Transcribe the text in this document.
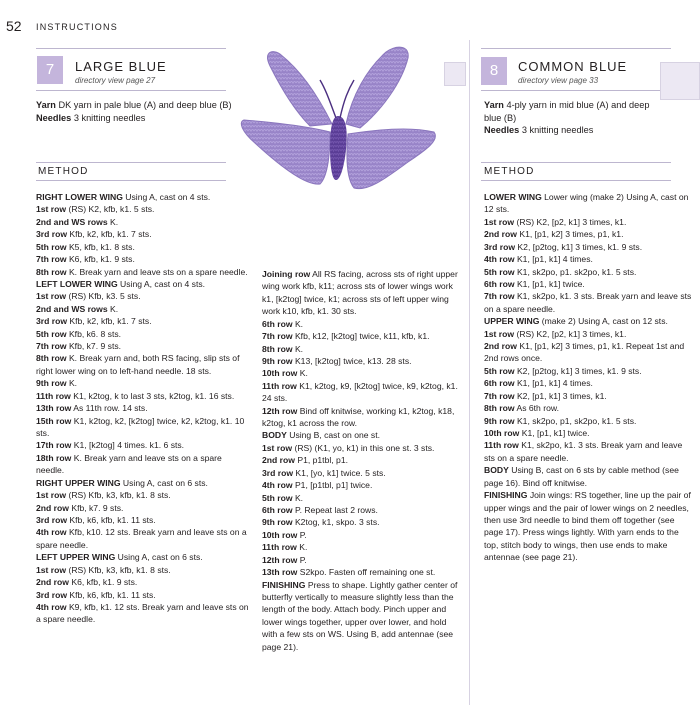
52 INSTRUCTIONS
7	LARGE BLUE
directory view page 27
Yarn DK yarn in pale blue (A) and deep blue (B)
Needles 3 knitting needles
METHOD
8	COMMON BLUE
directory view page 33
Yarn 4-ply yarn in mid blue (A) and deep blue (B)
Needles 3 knitting needles
METHOD

RIGHT LOWER WING Using A, cast on 4 sts.

1st row (RS) K2, kfb, k1. 5 sts.

2nd and WS rows K.

3rd row Kfb, k2, kfb, k1. 7 sts.

5th row K5, kfb, k1. 8 sts.

7th row K6, kfb, k1. 9 sts.

8th row K. Break yarn and leave sts on a spare needle.

LEFT LOWER WING Using A, cast on 4 sts.

1st row (RS) Kfb, k3. 5 sts.

2nd and WS rows K.

3rd row Kfb, k2, kfb, k1. 7 sts.

5th row Kfb, k6. 8 sts.

7th row Kfb, k7. 9 sts.

8th row K. Break yarn and, both RS facing, slip sts of right lower wing on to left-hand needle. 18 sts.

9th row K.

11th row K1, k2tog, k to last 3 sts, k2tog, k1. 16 sts.

13th row As 11th row. 14 sts.

15th row K1, k2tog, k2, [k2tog] twice, k2, k2tog, k1. 10 sts.

17th row K1, [k2tog] 4 times. k1. 6 sts.

18th row K. Break yarn and leave sts on a spare needle.

RIGHT UPPER WING Using A, cast on 6 sts.

1st row (RS) Kfb, k3, kfb, k1. 8 sts.

2nd row Kfb, k7. 9 sts.

3rd row Kfb, k6, kfb, k1. 11 sts.

4th row Kfb, k10. 12 sts. Break yarn and leave sts on a spare needle.

LEFT UPPER WING Using A, cast on 6 sts.

1st row (RS) Kfb, k3, kfb, k1. 8 sts.

2nd row K6, kfb, k1. 9 sts.

3rd row Kfb, k6, kfb, k1. 11 sts.

4th row K9, kfb, k1. 12 sts. Break yarn and leave sts on a spare needle.

Joining row All RS facing, across sts of right upper wing work kfb, k11; across sts of lower wings work k1, [k2tog] twice, k1; across sts of left upper wing work k10, kfb, k1. 30 sts.

6th row K.

7th row Kfb, k12, [k2tog] twice, k11, kfb, k1.

8th row K.

9th row K13, [k2tog] twice, k13. 28 sts.

10th row K.

11th row K1, k2tog, k9, [k2tog] twice, k9, k2tog, k1. 24 sts.

12th row Bind off knitwise, working k1, k2tog, k18, k2tog, k1 across the row.

BODY Using B, cast on one st.

1st row (RS) (K1, yo, k1) in this one st. 3 sts.

2nd row P1, p1tbl, p1.

3rd row K1, [yo, k1] twice. 5 sts.

4th row P1, [p1tbl, p1] twice.

5th row K.

6th row P. Repeat last 2 rows.

9th row K2tog, k1, skpo. 3 sts.

10th row P.

11th row K.

12th row P.

13th row S2kpo. Fasten off remaining one st.

FINISHING Press to shape. Lightly gather center of butterfly vertically to measure slightly less than the length of the body. Attach body. Pinch upper and lower wings together, upper over lower, and hold with a few sts on WS. Using B, add antennae (see page 21).

LOWER WING Lower wing (make 2) Using A, cast on 12 sts.

1st row (RS) K2, [p2, k1] 3 times, k1.

2nd row K1, [p1, k2] 3 times, p1, k1.

3rd row K2, [p2tog, k1] 3 times, k1. 9 sts.

4th row K1, [p1, k1] 4 times.

5th row K1, sk2po, p1. sk2po, k1. 5 sts.

6th row K1, [p1, k1] twice.

7th row K1, sk2po, k1. 3 sts. Break yarn and leave sts on a spare needle.

UPPER WING (make 2) Using A, cast on 12 sts.

1st row (RS) K2, [p2, k1] 3 times, k1.

2nd row K1, [p1, k2] 3 times, p1, k1. Repeat 1st and 2nd rows once.

5th row K2, [p2tog, k1] 3 times, k1. 9 sts.

6th row K1, [p1, k1] 4 times.

7th row K2, [p1, k1] 3 times, k1.

8th row As 6th row.

9th row K1, sk2po, p1, sk2po, k1. 5 sts.

10th row K1, [p1, k1] twice.

11th row K1, sk2po, k1. 3 sts. Break yarn and leave sts on a spare needle.

BODY Using B, cast on 6 sts by cable method (see page 16). Bind off knitwise.

FINISHING Join wings: RS together, line up the pair of upper wings and the pair of lower wings on 2 needles, then use 3rd needle to bind them off together (see page 17). Press wings lightly. With yarn ends to the top, stitch body to wings, then use ends to make antennae (see page 21).
